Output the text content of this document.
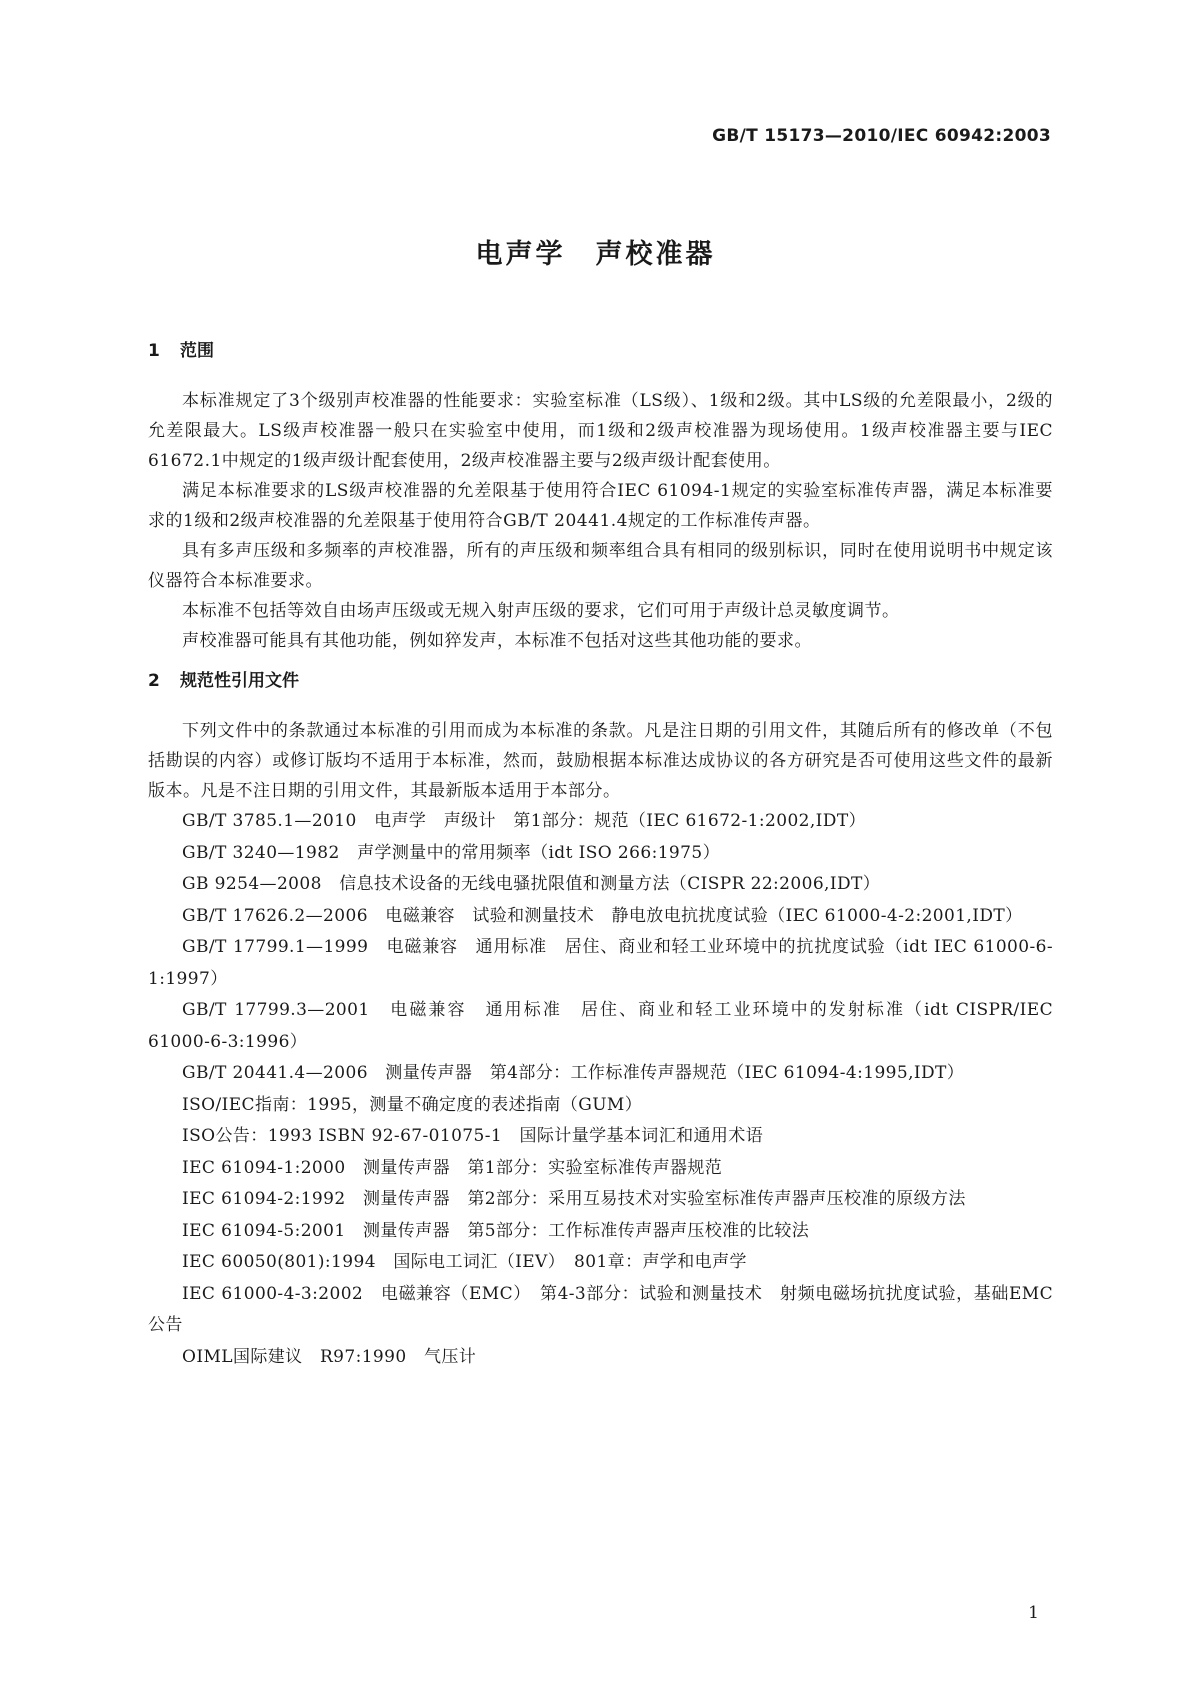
GB/T 15173—2010/IEC 60942:2003
电声学　声校准器
1 范围

本标准规定了3个级别声校准器的性能要求：实验室标准（LS级）、1级和2级。其中LS级的允差限最小，2级的允差限最大。LS级声校准器一般只在实验室中使用，而1级和2级声校准器为现场使用。1级声校准器主要与IEC 61672.1中规定的1级声级计配套使用，2级声校准器主要与2级声级计配套使用。

满足本标准要求的LS级声校准器的允差限基于使用符合IEC 61094-1规定的实验室标准传声器，满足本标准要求的1级和2级声校准器的允差限基于使用符合GB/T 20441.4规定的工作标准传声器。

具有多声压级和多频率的声校准器，所有的声压级和频率组合具有相同的级别标识，同时在使用说明书中规定该仪器符合本标准要求。

本标准不包括等效自由场声压级或无规入射声压级的要求，它们可用于声级计总灵敏度调节。

声校准器可能具有其他功能，例如猝发声，本标准不包括对这些其他功能的要求。

2 规范性引用文件

下列文件中的条款通过本标准的引用而成为本标准的条款。凡是注日期的引用文件，其随后所有的修改单（不包括勘误的内容）或修订版均不适用于本标准，然而，鼓励根据本标准达成协议的各方研究是否可使用这些文件的最新版本。凡是不注日期的引用文件，其最新版本适用于本部分。

GB/T 3785.1—2010　电声学　声级计　第1部分：规范（IEC 61672-1:2002,IDT）

GB/T 3240—1982　声学测量中的常用频率（idt ISO 266:1975）

GB 9254—2008　信息技术设备的无线电骚扰限值和测量方法（CISPR 22:2006,IDT）

GB/T 17626.2—2006　电磁兼容　试验和测量技术　静电放电抗扰度试验（IEC 61000-4-2:2001,IDT）

GB/T 17799.1—1999　电磁兼容　通用标准　居住、商业和轻工业环境中的抗扰度试验（idt IEC 61000-6-1:1997）

GB/T 17799.3—2001　电磁兼容　通用标准　居住、商业和轻工业环境中的发射标准（idt CISPR/IEC 61000-6-3:1996）

GB/T 20441.4—2006　测量传声器　第4部分：工作标准传声器规范（IEC 61094-4:1995,IDT）

ISO/IEC指南：1995，测量不确定度的表述指南（GUM）

ISO公告：1993 ISBN 92-67-01075-1　国际计量学基本词汇和通用术语

IEC 61094-1:2000　测量传声器　第1部分：实验室标准传声器规范

IEC 61094-2:1992　测量传声器　第2部分：采用互易技术对实验室标准传声器声压校准的原级方法

IEC 61094-5:2001　测量传声器　第5部分：工作标准传声器声压校准的比较法

IEC 60050(801):1994　国际电工词汇（IEV）　801章：声学和电声学

IEC 61000-4-3:2002　电磁兼容（EMC）　第4-3部分：试验和测量技术　射频电磁场抗扰度试验，基础EMC公告

OIML国际建议　R97:1990　气压计

1
